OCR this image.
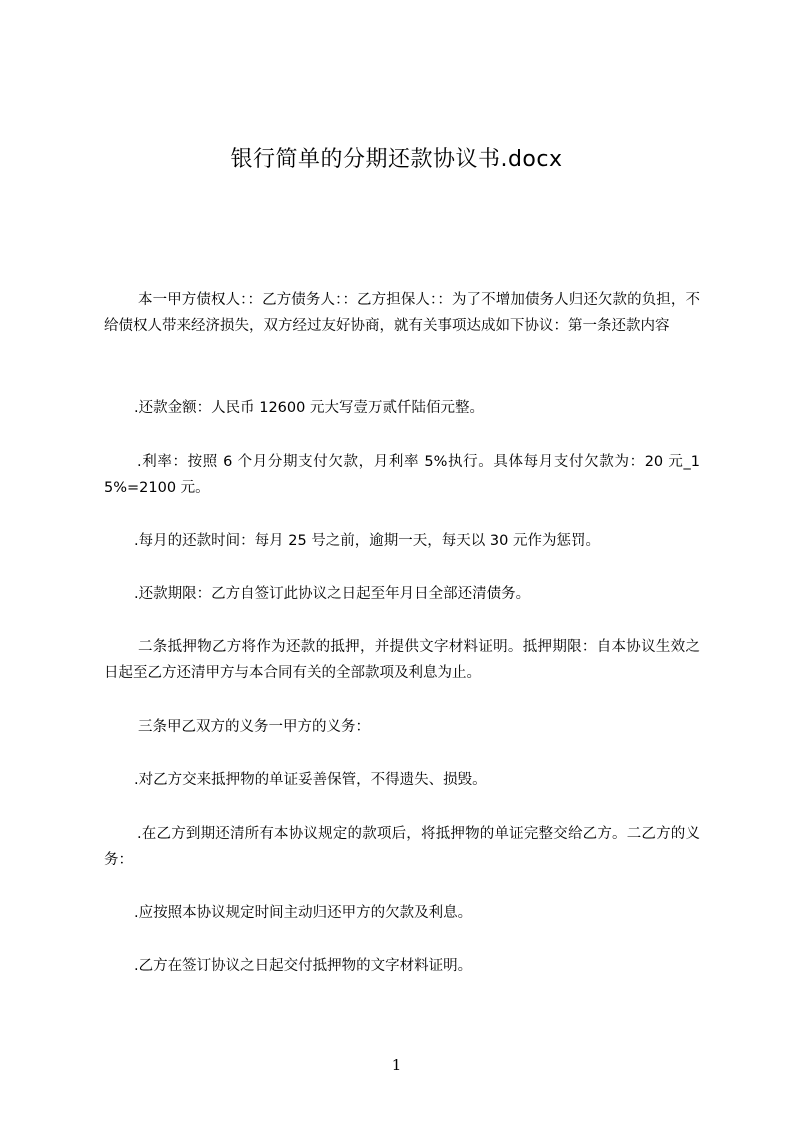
银行简单的分期还款协议书.docx
本一甲方债权人：：乙方债务人：：乙方担保人：：为了不增加债务人归还欠款的负担，不给债权人带来经济损失，双方经过友好协商，就有关事项达成如下协议：第一条还款内容
.还款金额：人民币 12600 元大写壹万贰仟陆佰元整。
.利率：按照 6 个月分期支付欠款，月利率 5%执行。具体每月支付欠款为：20 元_1 5%=2100 元。
.每月的还款时间：每月 25 号之前，逾期一天，每天以 30 元作为惩罚。
.还款期限：乙方自签订此协议之日起至年月日全部还清债务。
二条抵押物乙方将作为还款的抵押，并提供文字材料证明。抵押期限：自本协议生效之日起至乙方还清甲方与本合同有关的全部款项及利息为止。
三条甲乙双方的义务一甲方的义务：
.对乙方交来抵押物的单证妥善保管，不得遗失、损毁。
.在乙方到期还清所有本协议规定的款项后，将抵押物的单证完整交给乙方。二乙方的义务：
.应按照本协议规定时间主动归还甲方的欠款及利息。
.乙方在签订协议之日起交付抵押物的文字材料证明。
1
